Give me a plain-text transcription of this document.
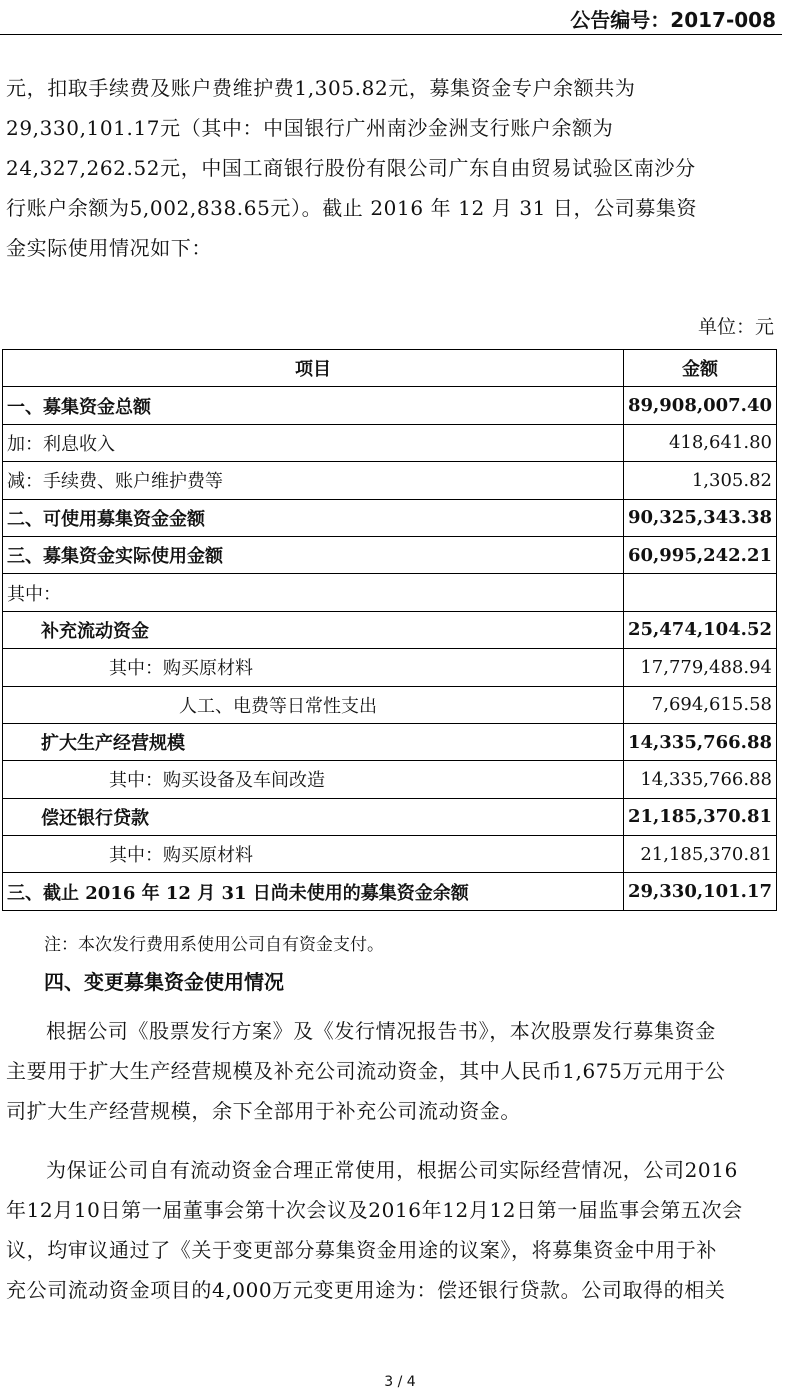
公告编号：2017-008
元，扣取手续费及账户费维护费1,305.82元，募集资金专户余额共为
29,330,101.17元（其中：中国银行广州南沙金洲支行账户余额为
24,327,262.52元，中国工商银行股份有限公司广东自由贸易试验区南沙分
行账户余额为5,002,838.65元）。截止 2016 年 12 月 31 日，公司募集资
金实际使用情况如下：
单位：元
项目	金额
一、募集资金总额	89,908,007.40
加：利息收入	418,641.80
减：手续费、账户维护费等	1,305.82
二、可使用募集资金金额	90,325,343.38
三、募集资金实际使用金额	60,995,242.21
其中：	
补充流动资金	25,474,104.52
其中：购买原材料	17,779,488.94
人工、电费等日常性支出	7,694,615.58
扩大生产经营规模	14,335,766.88
其中：购买设备及车间改造	14,335,766.88
偿还银行贷款	21,185,370.81
其中：购买原材料	21,185,370.81
三、截止 2016 年 12 月 31 日尚未使用的募集资金余额	29,330,101.17
注：本次发行费用系使用公司自有资金支付。
四、变更募集资金使用情况
根据公司《股票发行方案》及《发行情况报告书》，本次股票发行募集资金
主要用于扩大生产经营规模及补充公司流动资金，其中人民币1,675万元用于公
司扩大生产经营规模，余下全部用于补充公司流动资金。
为保证公司自有流动资金合理正常使用，根据公司实际经营情况，公司2016
年12月10日第一届董事会第十次会议及2016年12月12日第一届监事会第五次会
议，均审议通过了《关于变更部分募集资金用途的议案》，将募集资金中用于补
充公司流动资金项目的4,000万元变更用途为：偿还银行贷款。公司取得的相关
3 / 4
